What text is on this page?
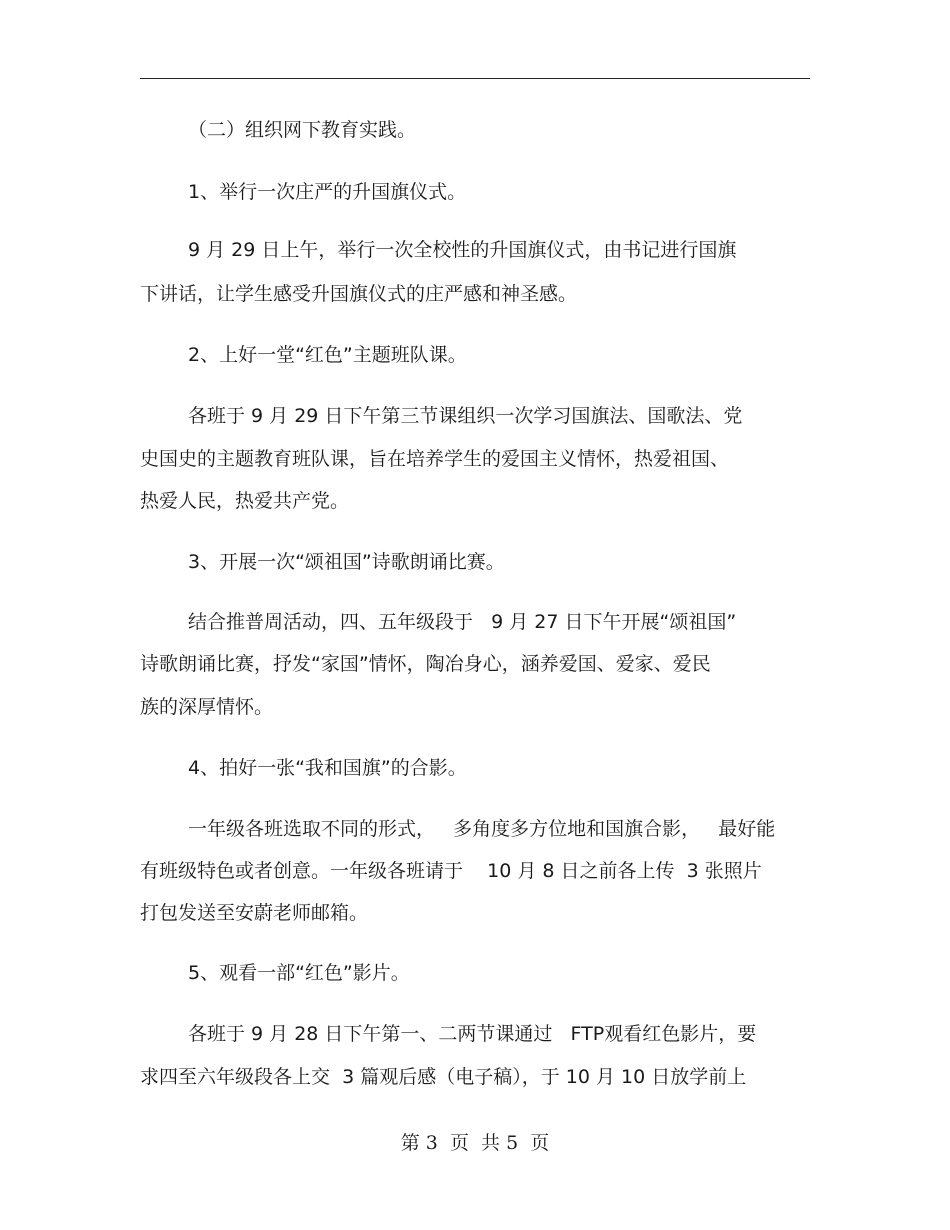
（二）组织网下教育实践。
1、举行一次庄严的升国旗仪式。
9 月 29 日上午，举行一次全校性的升国旗仪式，由书记进行国旗
下讲话，让学生感受升国旗仪式的庄严感和神圣感。
2、上好一堂“红色”主题班队课。
各班于 9 月 29 日下午第三节课组织一次学习国旗法、国歌法、党
史国史的主题教育班队课，旨在培养学生的爱国主义情怀，热爱祖国、
热爱人民，热爱共产党。
3、开展一次“颂祖国”诗歌朗诵比赛。
结合推普周活动，四、五年级段于   9 月 27 日下午开展“颂祖国”
诗歌朗诵比赛，抒发“家国”情怀，陶冶身心，涵养爱国、爱家、爱民
族的深厚情怀。
4、拍好一张“我和国旗”的合影。
一年级各班选取不同的形式，   多角度多方位地和国旗合影，   最好能
有班级特色或者创意。一年级各班请于    10 月 8 日之前各上传  3 张照片
打包发送至安蔚老师邮箱。
5、观看一部“红色”影片。
各班于 9 月 28 日下午第一、二两节课通过   FTP观看红色影片，要
求四至六年级段各上交  3 篇观后感（电子稿），于 10 月 10 日放学前上
第 3  页  共 5  页
